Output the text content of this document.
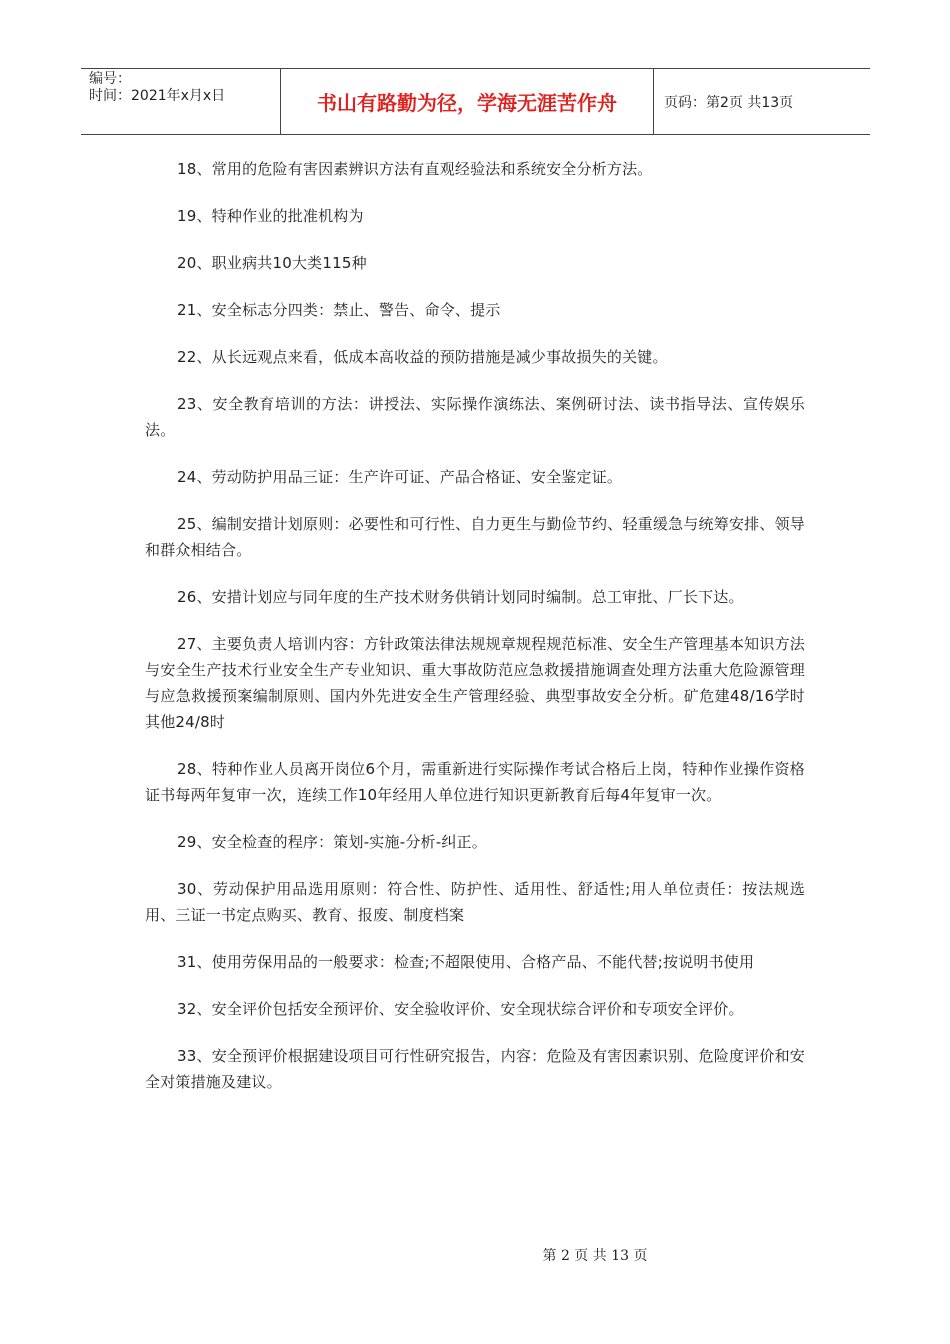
编号：
时间：2021年x月x日	书山有路勤为径，学海无涯苦作舟	页码：第2页 共13页

18、常用的危险有害因素辨识方法有直观经验法和系统安全分析方法。

19、特种作业的批准机构为

20、职业病共10大类115种

21、安全标志分四类：禁止、警告、命令、提示

22、从长远观点来看，低成本高收益的预防措施是减少事故损失的关键。

23、安全教育培训的方法：讲授法、实际操作演练法、案例研讨法、读书指导法、宣传娱乐法。

24、劳动防护用品三证：生产许可证、产品合格证、安全鉴定证。

25、编制安措计划原则：必要性和可行性、自力更生与勤俭节约、轻重缓急与统筹安排、领导和群众相结合。

26、安措计划应与同年度的生产技术财务供销计划同时编制。总工审批、厂长下达。

27、主要负责人培训内容：方针政策法律法规规章规程规范标准、安全生产管理基本知识方法与安全生产技术行业安全生产专业知识、重大事故防范应急救援措施调查处理方法重大危险源管理与应急救援预案编制原则、国内外先进安全生产管理经验、典型事故安全分析。矿危建48/16学时其他24/8时

28、特种作业人员离开岗位6个月，需重新进行实际操作考试合格后上岗，特种作业操作资格证书每两年复审一次，连续工作10年经用人单位进行知识更新教育后每4年复审一次。

29、安全检查的程序：策划-实施-分析-纠正。

30、劳动保护用品选用原则：符合性、防护性、适用性、舒适性;用人单位责任：按法规选用、三证一书定点购买、教育、报废、制度档案

31、使用劳保用品的一般要求：检查;不超限使用、合格产品、不能代替;按说明书使用

32、安全评价包括安全预评价、安全验收评价、安全现状综合评价和专项安全评价。

33、安全预评价根据建设项目可行性研究报告，内容：危险及有害因素识别、危险度评价和安全对策措施及建议。

第 2 页 共 13 页
